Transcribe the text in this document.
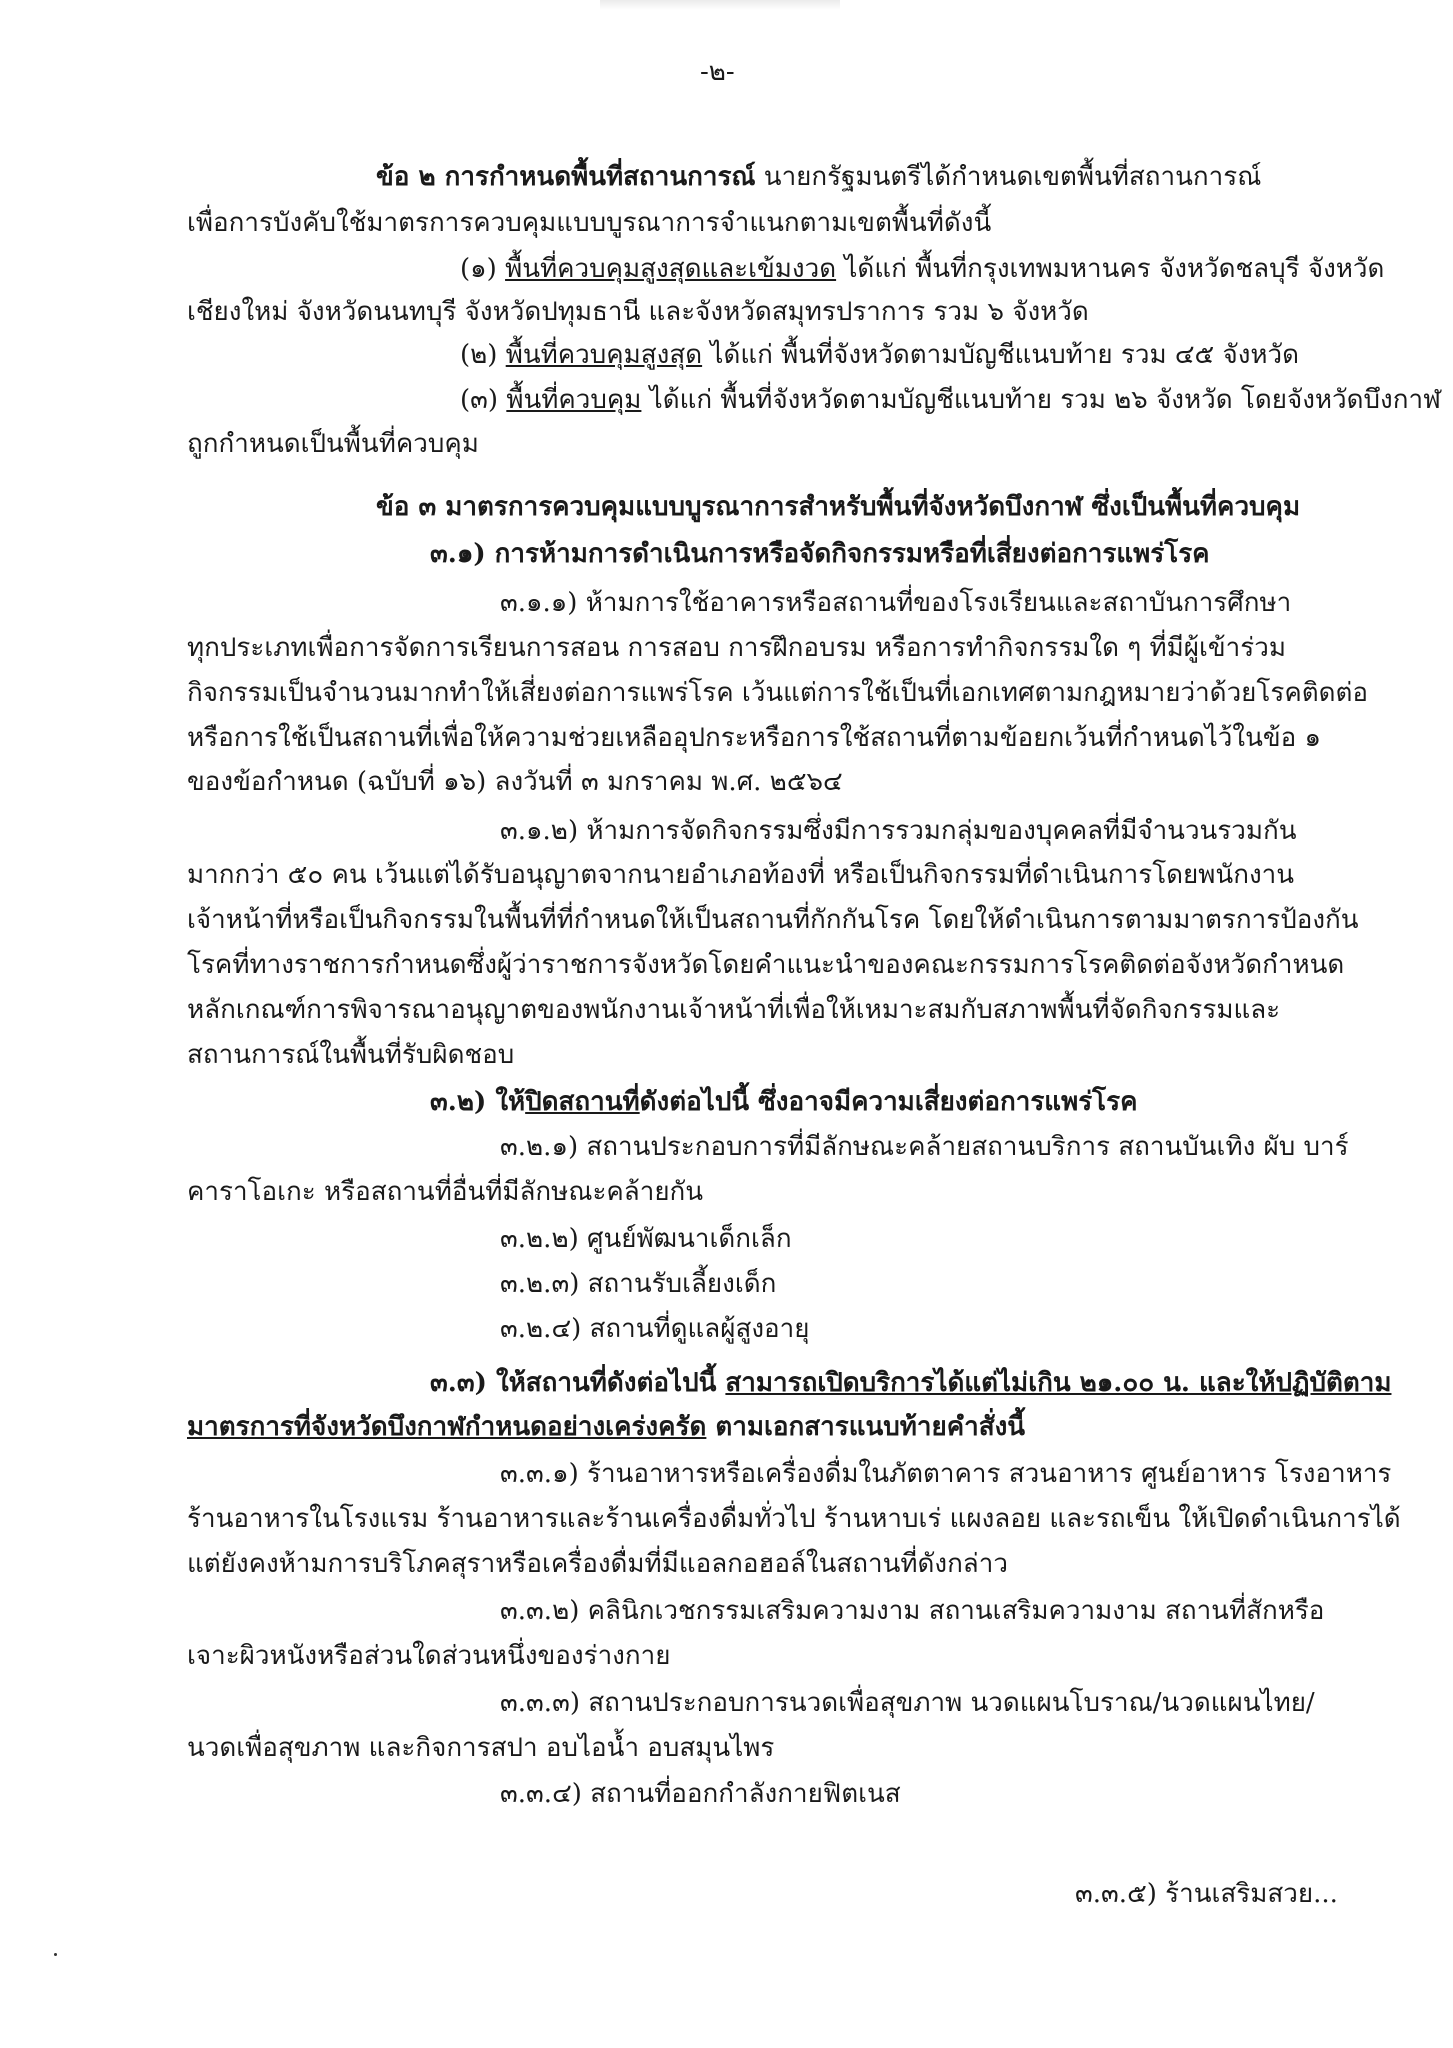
-๒-
ข้อ ๒ การกำหนดพื้นที่สถานการณ์ นายกรัฐมนตรีได้กำหนดเขตพื้นที่สถานการณ์
เพื่อการบังคับใช้มาตรการควบคุมแบบบูรณาการจำแนกตามเขตพื้นที่ดังนี้
(๑) พื้นที่ควบคุมสูงสุดและเข้มงวด ได้แก่ พื้นที่กรุงเทพมหานคร จังหวัดชลบุรี จังหวัด
เชียงใหม่ จังหวัดนนทบุรี จังหวัดปทุมธานี และจังหวัดสมุทรปราการ รวม ๖ จังหวัด
(๒) พื้นที่ควบคุมสูงสุด ได้แก่ พื้นที่จังหวัดตามบัญชีแนบท้าย รวม ๔๕ จังหวัด
(๓) พื้นที่ควบคุม ได้แก่ พื้นที่จังหวัดตามบัญชีแนบท้าย รวม ๒๖ จังหวัด โดยจังหวัดบึงกาฬ
ถูกกำหนดเป็นพื้นที่ควบคุม
ข้อ ๓ มาตรการควบคุมแบบบูรณาการสำหรับพื้นที่จังหวัดบึงกาฬ ซึ่งเป็นพื้นที่ควบคุม
๓.๑) การห้ามการดำเนินการหรือจัดกิจกรรมหรือที่เสี่ยงต่อการแพร่โรค
๓.๑.๑) ห้ามการใช้อาคารหรือสถานที่ของโรงเรียนและสถาบันการศึกษา
ทุกประเภทเพื่อการจัดการเรียนการสอน การสอบ การฝึกอบรม หรือการทำกิจกรรมใด ๆ ที่มีผู้เข้าร่วม
กิจกรรมเป็นจำนวนมากทำให้เสี่ยงต่อการแพร่โรค เว้นแต่การใช้เป็นที่เอกเทศตามกฎหมายว่าด้วยโรคติดต่อ
หรือการใช้เป็นสถานที่เพื่อให้ความช่วยเหลืออุปกระหรือการใช้สถานที่ตามข้อยกเว้นที่กำหนดไว้ในข้อ ๑
ของข้อกำหนด (ฉบับที่ ๑๖) ลงวันที่ ๓ มกราคม พ.ศ. ๒๕๖๔
๓.๑.๒) ห้ามการจัดกิจกรรมซึ่งมีการรวมกลุ่มของบุคคลที่มีจำนวนรวมกัน
มากกว่า ๕๐ คน เว้นแต่ได้รับอนุญาตจากนายอำเภอท้องที่ หรือเป็นกิจกรรมที่ดำเนินการโดยพนักงาน
เจ้าหน้าที่หรือเป็นกิจกรรมในพื้นที่ที่กำหนดให้เป็นสถานที่กักกันโรค โดยให้ดำเนินการตามมาตรการป้องกัน
โรคที่ทางราชการกำหนดซึ่งผู้ว่าราชการจังหวัดโดยคำแนะนำของคณะกรรมการโรคติดต่อจังหวัดกำหนด
หลักเกณฑ์การพิจารณาอนุญาตของพนักงานเจ้าหน้าที่เพื่อให้เหมาะสมกับสภาพพื้นที่จัดกิจกรรมและ
สถานการณ์ในพื้นที่รับผิดชอบ
๓.๒) ให้ปิดสถานที่ดังต่อไปนี้ ซึ่งอาจมีความเสี่ยงต่อการแพร่โรค
๓.๒.๑) สถานประกอบการที่มีลักษณะคล้ายสถานบริการ สถานบันเทิง ผับ บาร์
คาราโอเกะ หรือสถานที่อื่นที่มีลักษณะคล้ายกัน
๓.๒.๒) ศูนย์พัฒนาเด็กเล็ก
๓.๒.๓) สถานรับเลี้ยงเด็ก
๓.๒.๔) สถานที่ดูแลผู้สูงอายุ
๓.๓) ให้สถานที่ดังต่อไปนี้ สามารถเปิดบริการได้แต่ไม่เกิน ๒๑.๐๐ น. และให้ปฏิบัติตาม
มาตรการที่จังหวัดบึงกาฬกำหนดอย่างเคร่งครัด ตามเอกสารแนบท้ายคำสั่งนี้
๓.๓.๑) ร้านอาหารหรือเครื่องดื่มในภัตตาคาร สวนอาหาร ศูนย์อาหาร โรงอาหาร
ร้านอาหารในโรงแรม ร้านอาหารและร้านเครื่องดื่มทั่วไป ร้านหาบเร่ แผงลอย และรถเข็น ให้เปิดดำเนินการได้
แต่ยังคงห้ามการบริโภคสุราหรือเครื่องดื่มที่มีแอลกอฮอล์ในสถานที่ดังกล่าว
๓.๓.๒) คลินิกเวชกรรมเสริมความงาม สถานเสริมความงาม สถานที่สักหรือ
เจาะผิวหนังหรือส่วนใดส่วนหนึ่งของร่างกาย
๓.๓.๓) สถานประกอบการนวดเพื่อสุขภาพ นวดแผนโบราณ/นวดแผนไทย/
นวดเพื่อสุขภาพ และกิจการสปา อบไอน้ำ อบสมุนไพร
๓.๓.๔) สถานที่ออกกำลังกายฟิตเนส
๓.๓.๕) ร้านเสริมสวย...
